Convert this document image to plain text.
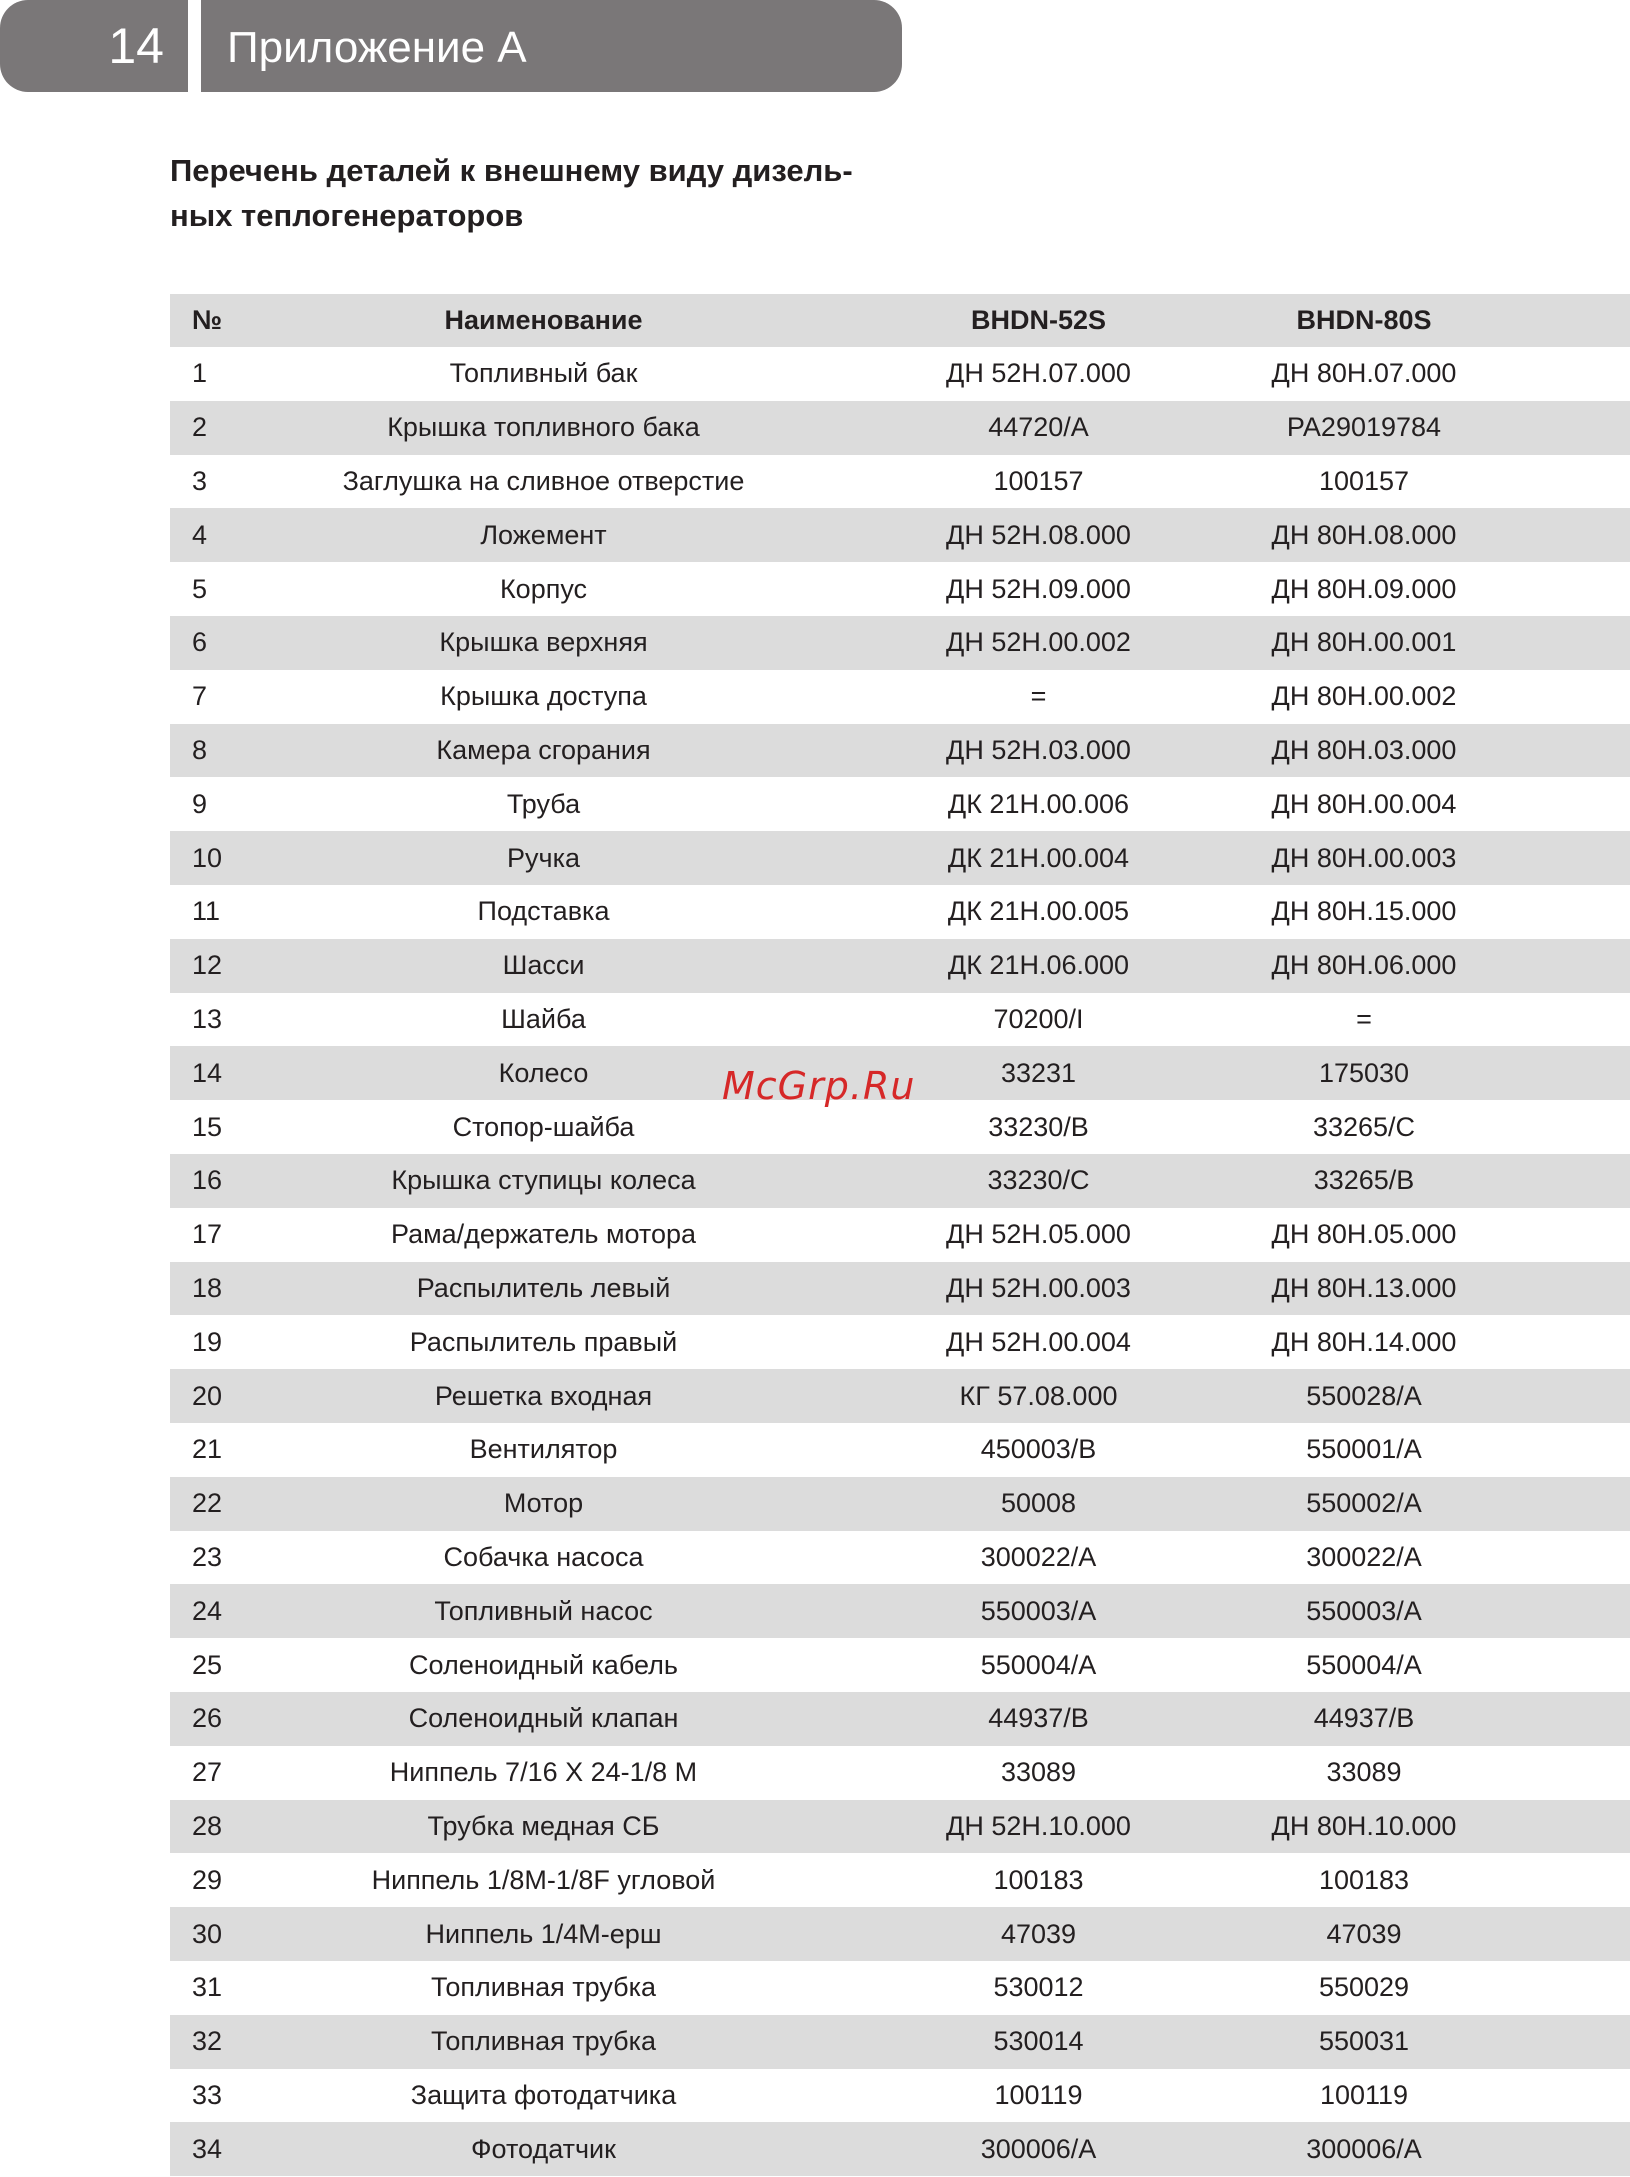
14	Приложение А
Перечень деталей к внешнему виду дизель-
ных теплогенераторов
№	Наименование	BHDN-52S	BHDN-80S
1	Топливный бак	ДН 52Н.07.000	ДН 80Н.07.000
2	Крышка топливного бака	44720/А	PA29019784
3	Заглушка на сливное отверстие	100157	100157
4	Ложемент	ДН 52Н.08.000	ДН 80Н.08.000
5	Корпус	ДН 52Н.09.000	ДН 80Н.09.000
6	Крышка верхняя	ДН 52Н.00.002	ДН 80Н.00.001
7	Крышка доступа	=	ДН 80Н.00.002
8	Камера сгорания	ДН 52Н.03.000	ДН 80Н.03.000
9	Труба	ДК 21Н.00.006	ДН 80Н.00.004
10	Ручка	ДК 21Н.00.004	ДН 80Н.00.003
11	Подставка	ДК 21Н.00.005	ДН 80Н.15.000
12	Шасси	ДК 21Н.06.000	ДН 80Н.06.000
13	Шайба	70200/I	=
14	Колесо	33231	175030
15	Стопор-шайба	33230/В	33265/С
16	Крышка ступицы колеса	33230/С	33265/В
17	Рама/держатель мотора	ДН 52Н.05.000	ДН 80Н.05.000
18	Распылитель левый	ДН 52Н.00.003	ДН 80Н.13.000
19	Распылитель правый	ДН 52Н.00.004	ДН 80Н.14.000
20	Решетка входная	КГ 57.08.000	550028/А
21	Вентилятор	450003/В	550001/А
22	Мотор	50008	550002/А
23	Собачка насоса	300022/А	300022/А
24	Топливный насос	550003/А	550003/А
25	Соленоидный кабель	550004/А	550004/А
26	Соленоидный клапан	44937/В	44937/В
27	Ниппель 7/16 X 24-1/8 M	33089	33089
28	Трубка медная СБ	ДН 52Н.10.000	ДН 80Н.10.000
29	Ниппель 1/8M-1/8F угловой	100183	100183
30	Ниппель 1/4M-ерш	47039	47039
31	Топливная трубка	530012	550029
32	Топливная трубка	530014	550031
33	Защита фотодатчика	100119	100119
34	Фотодатчик	300006/А	300006/А
McGrp.Ru
